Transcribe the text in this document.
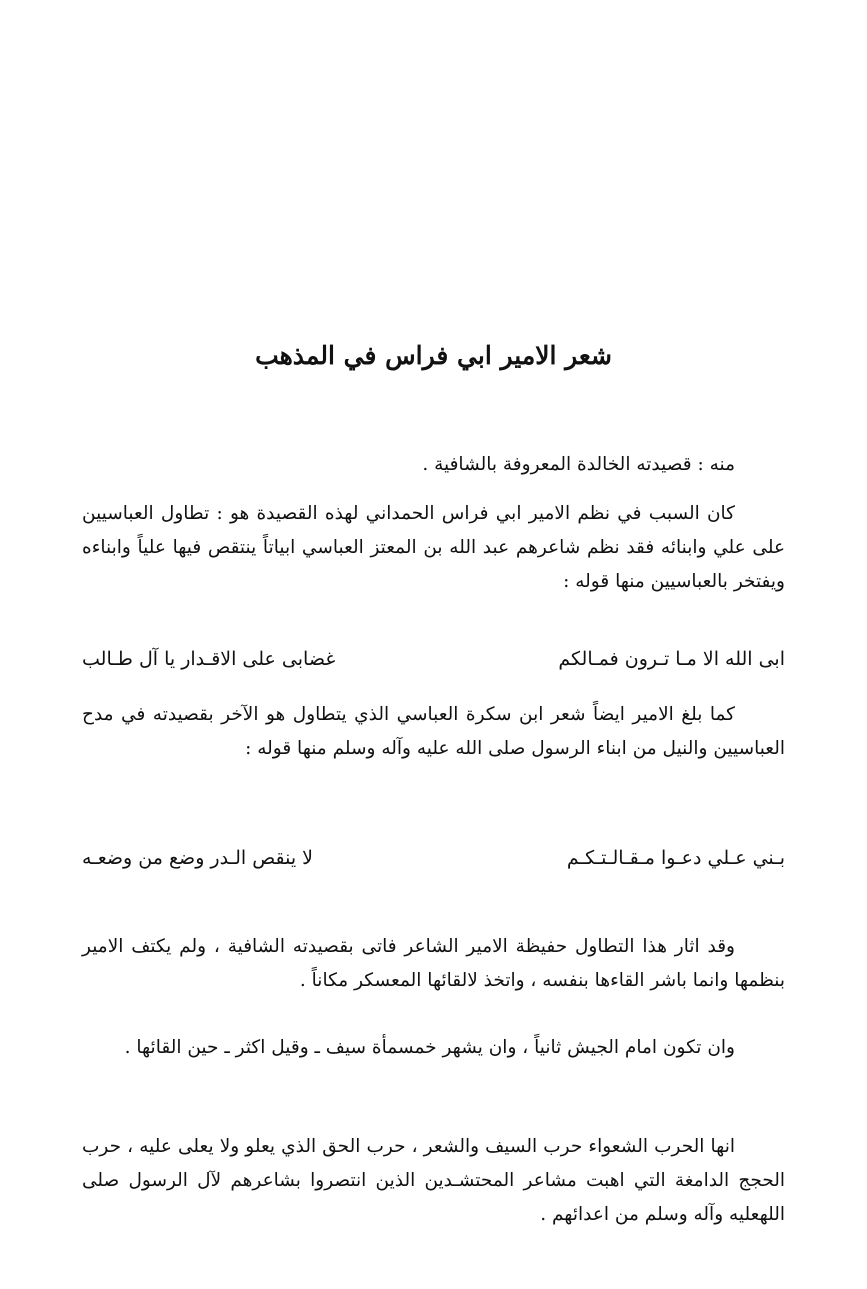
شعر الامير ابي فراس في المذهب

منه : قصيدته الخالدة المعروفة بالشافية .

كان السبب في نظم الامير ابي فراس الحمداني لهذه القصيدة هو : تطاول العباسيين على علي وابنائه فقد نظم شاعرهم عبد الله بن المعتز العباسي ابياتاً ينتقص فيها علياً وابناءه ويفتخر بالعباسيين منها قوله :

ابى الله الا مـا تـرون فمـالكم
غضابى على الاقـدار يا آل طـالب

كما بلغ الامير ايضاً شعر ابن سكرة العباسي الذي يتطاول هو الآخر بقصيدته في مدح العباسيين والنيل من ابناء الرسول صلى الله عليه وآله وسلم منها قوله :

بـني عـلي دعـوا مـقـالـتـكـم
لا ينقص الـدر وضع من وضعـه

وقد اثار هذا التطاول حفيظة الامير الشاعر فاتى بقصيدته الشافية ، ولم يكتف الامير بنظمها وانما باشر القاءها بنفسه ، واتخذ لالقائها المعسكر مكاناً .

وان تكون امام الجيش ثانياً ، وان يشهر خمسمأة سيف ـ وقيل اكثر ـ حين القائها .

انها الحرب الشعواء حرب السيف والشعر ، حرب الحق الذي يعلو ولا يعلى عليه ، حرب الحجج الدامغة التي اهبت مشاعر المحتشـدين الذين انتصروا بشاعرهم لآل الرسول صلى اللهعليه وآله وسلم من اعدائهم .
